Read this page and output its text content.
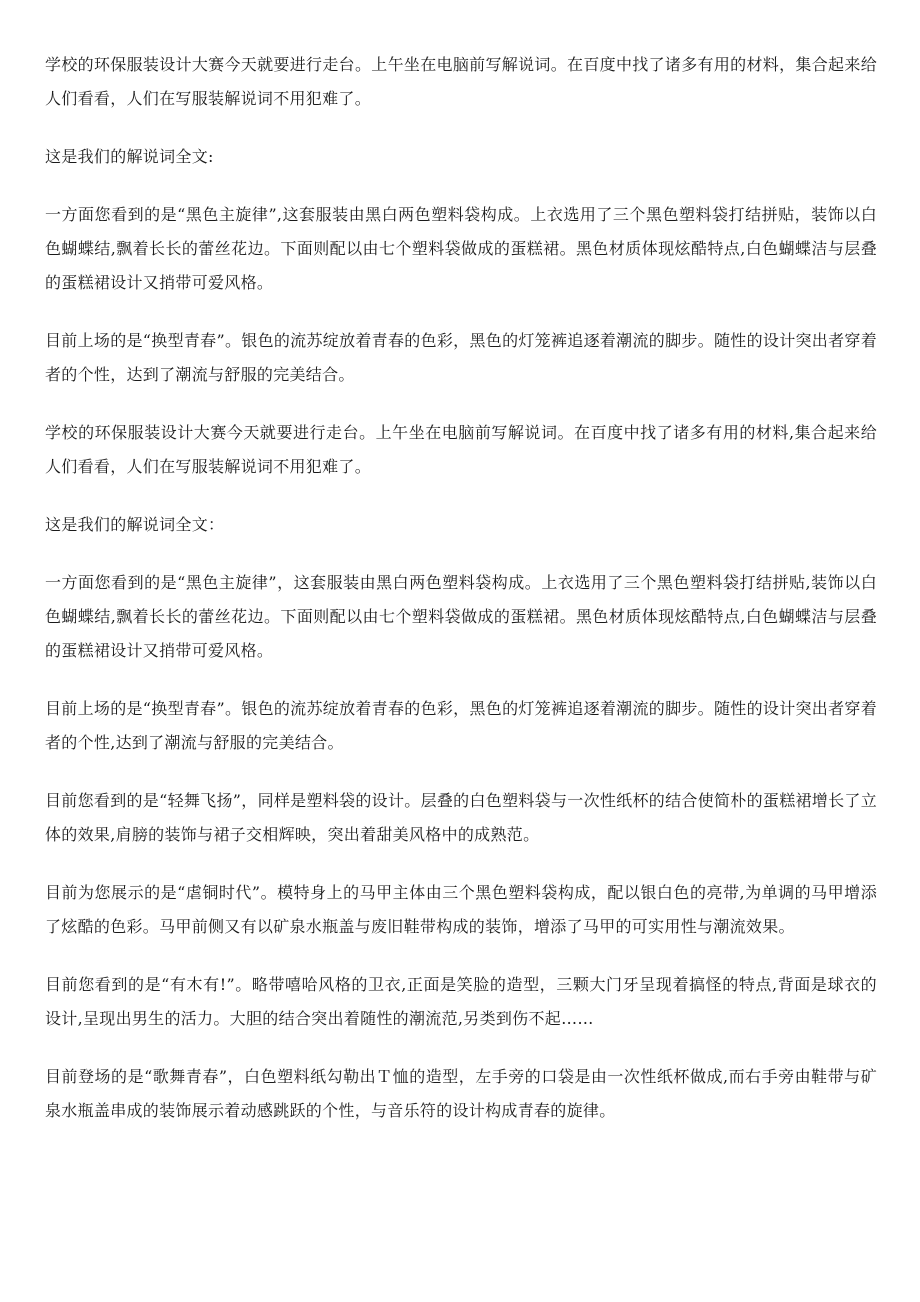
学校的环保服装设计大赛今天就要进行走台。上午坐在电脑前写解说词。在百度中找了诸多有用的材料，集合起来给人们看看，人们在写服装解说词不用犯难了。

这是我们的解说词全文:

一方面您看到的是“黑色主旋律”,这套服装由黑白两色塑料袋构成。上衣选用了三个黑色塑料袋打结拼贴，装饰以白色蝴蝶结,飘着长长的蕾丝花边。下面则配以由七个塑料袋做成的蛋糕裙。黑色材质体现炫酷特点,白色蝴蝶洁与层叠的蛋糕裙设计又捎带可爱风格。

目前上场的是“换型青春”。银色的流苏绽放着青春的色彩，黑色的灯笼裤追逐着潮流的脚步。随性的设计突出者穿着者的个性，达到了潮流与舒服的完美结合。

学校的环保服装设计大赛今天就要进行走台。上午坐在电脑前写解说词。在百度中找了诸多有用的材料,集合起来给人们看看，人们在写服装解说词不用犯难了。

这是我们的解说词全文：

一方面您看到的是“黑色主旋律”，这套服装由黑白两色塑料袋构成。上衣选用了三个黑色塑料袋打结拼贴,装饰以白色蝴蝶结,飘着长长的蕾丝花边。下面则配以由七个塑料袋做成的蛋糕裙。黑色材质体现炫酷特点,白色蝴蝶洁与层叠的蛋糕裙设计又捎带可爱风格。

目前上场的是“换型青春”。银色的流苏绽放着青春的色彩，黑色的灯笼裤追逐着潮流的脚步。随性的设计突出者穿着者的个性,达到了潮流与舒服的完美结合。

目前您看到的是“轻舞飞扬”，同样是塑料袋的设计。层叠的白色塑料袋与一次性纸杯的结合使简朴的蛋糕裙增长了立体的效果,肩膀的装饰与裙子交相辉映，突出着甜美风格中的成熟范。

目前为您展示的是“虐铜时代”。模特身上的马甲主体由三个黑色塑料袋构成，配以银白色的亮带,为单调的马甲增添了炫酷的色彩。马甲前侧又有以矿泉水瓶盖与废旧鞋带构成的装饰，增添了马甲的可实用性与潮流效果。

目前您看到的是“有木有!”。略带嘻哈风格的卫衣,正面是笑脸的造型，三颗大门牙呈现着搞怪的特点,背面是球衣的设计,呈现出男生的活力。大胆的结合突出着随性的潮流范,另类到伤不起……

目前登场的是“歌舞青春”，白色塑料纸勾勒出Ｔ恤的造型，左手旁的口袋是由一次性纸杯做成,而右手旁由鞋带与矿泉水瓶盖串成的装饰展示着动感跳跃的个性，与音乐符的设计构成青春的旋律。
